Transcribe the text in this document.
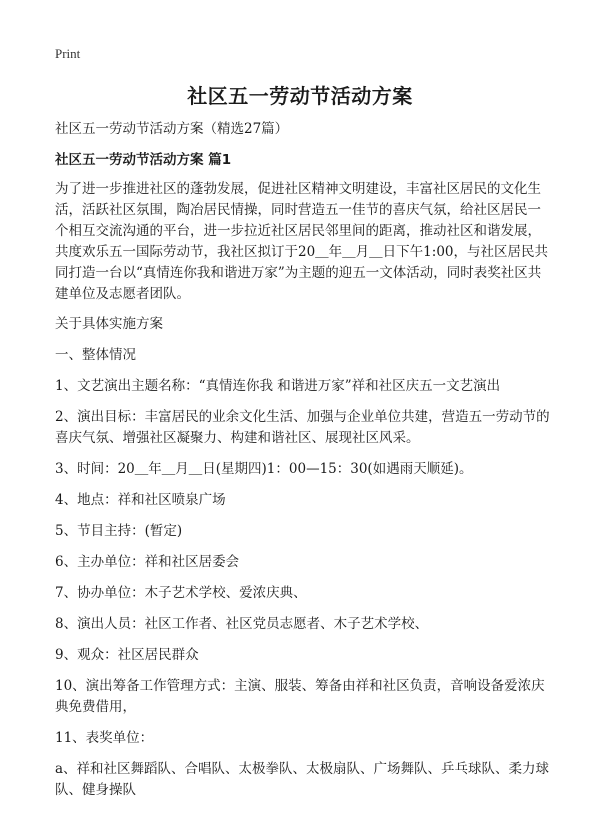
Print
社区五一劳动节活动方案

社区五一劳动节活动方案（精选27篇）

社区五一劳动节活动方案 篇1

为了进一步推进社区的蓬勃发展，促进社区精神文明建设，丰富社区居民的文化生活，活跃社区氛围，陶冶居民情操，同时营造五一佳节的喜庆气氛，给社区居民一个相互交流沟通的平台，进一步拉近社区居民邻里间的距离，推动社区和谐发展，共度欢乐五一国际劳动节，我社区拟订于20＿年＿月＿日下午1:00，与社区居民共同打造一台以“真情连你我和谐进万家”为主题的迎五一文体活动，同时表奖社区共建单位及志愿者团队。

关于具体实施方案

一、整体情况

1、文艺演出主题名称：“真情连你我 和谐进万家”祥和社区庆五一文艺演出

2、演出目标：丰富居民的业余文化生活、加强与企业单位共建，营造五一劳动节的喜庆气氛、增强社区凝聚力、构建和谐社区、展现社区风采。

3、时间：20＿年＿月＿日(星期四)1：00—15：30(如遇雨天顺延)。

4、地点：祥和社区喷泉广场

5、节目主持：(暂定)

6、主办单位：祥和社区居委会

7、协办单位：木子艺术学校、爱浓庆典、

8、演出人员：社区工作者、社区党员志愿者、木子艺术学校、

9、观众：社区居民群众

10、演出筹备工作管理方式：主演、服装、筹备由祥和社区负责，音响设备爱浓庆典免费借用，

11、表奖单位：

a、祥和社区舞蹈队、合唱队、太极拳队、太极扇队、广场舞队、乒乓球队、柔力球队、健身操队
